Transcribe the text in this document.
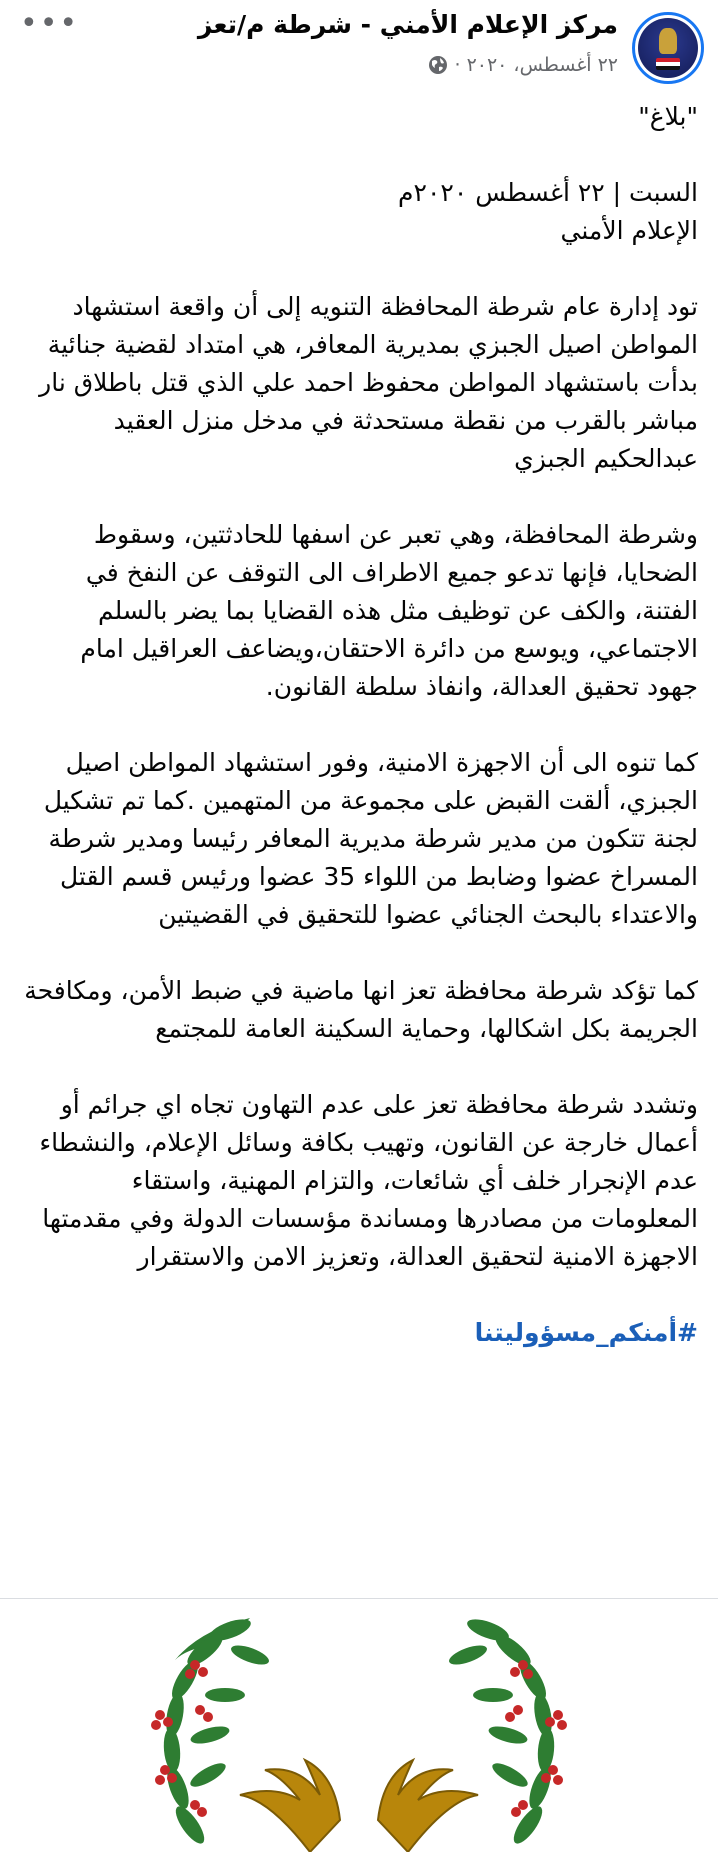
مركز الإعلام الأمني - شرطة م/تعز
٢٢ أغسطس، ٢٠٢٠ ·
•••
"بلاغ"
السبت | ٢٢ أغسطس ٢٠٢٠م
الإعلام الأمني
تود إدارة عام شرطة المحافظة التنويه إلى أن واقعة استشهاد المواطن اصيل الجبزي بمديرية المعافر، هي امتداد لقضية جنائية بدأت باستشهاد المواطن محفوظ احمد علي الذي قتل باطلاق نار مباشر بالقرب من نقطة مستحدثة في مدخل منزل العقيد عبدالحكيم الجبزي
وشرطة المحافظة، وهي تعبر عن اسفها للحادثتين، وسقوط الضحايا، فإنها تدعو جميع الاطراف الى التوقف عن النفخ في الفتنة، والكف عن توظيف مثل هذه القضايا بما يضر بالسلم الاجتماعي، ويوسع من دائرة الاحتقان،ويضاعف العراقيل امام جهود تحقيق العدالة، وانفاذ سلطة القانون.
كما تنوه الى أن الاجهزة الامنية، وفور استشهاد المواطن اصيل الجبزي، ألقت القبض على مجموعة من المتهمين .كما تم تشكيل لجنة تتكون من مدير شرطة مديرية المعافر رئيسا ومدير شرطة المسراخ عضوا وضابط من اللواء 35 عضوا ورئيس قسم القتل والاعتداء بالبحث الجنائي عضوا للتحقيق في القضيتين
كما تؤكد شرطة محافظة تعز انها ماضية في ضبط الأمن، ومكافحة الجريمة بكل اشكالها، وحماية السكينة العامة للمجتمع
وتشدد شرطة محافظة تعز على عدم التهاون تجاه اي جرائم أو أعمال خارجة عن القانون، وتهيب بكافة وسائل الإعلام، والنشطاء عدم الإنجرار خلف أي شائعات، والتزام المهنية، واستقاء المعلومات من مصادرها ومساندة مؤسسات الدولة وفي مقدمتها الاجهزة الامنية لتحقيق العدالة، وتعزيز الامن والاستقرار
#أمنكم_مسؤوليتنا
